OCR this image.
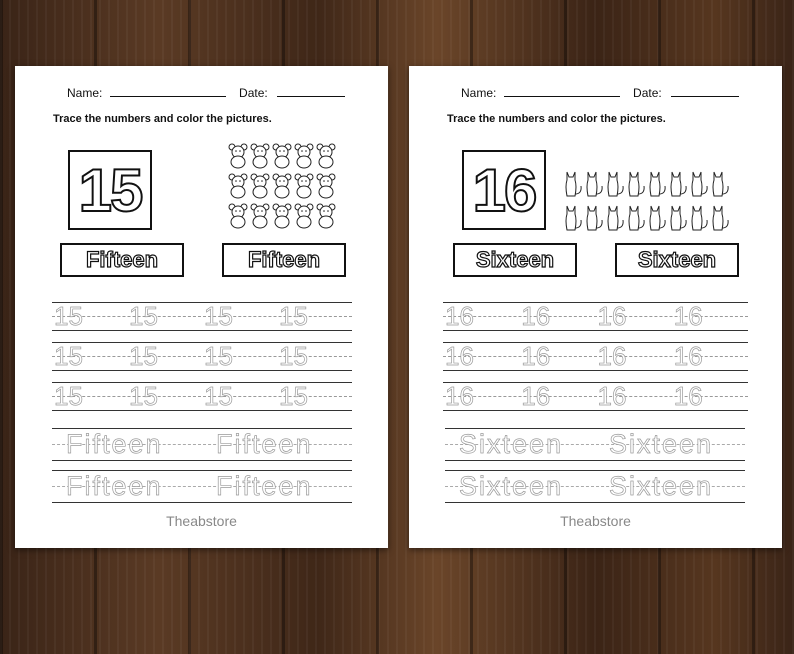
Name:	Date:
Trace the numbers and color the pictures.
15
Fifteen	Fifteen
15	15	15	15
15	15	15	15
15	15	15	15
Fifteen	Fifteen
Fifteen	Fifteen
Theabstore
Name:	Date:
Trace the numbers and color the pictures.
16
Sixteen	Sixteen
16	16	16	16
16	16	16	16
16	16	16	16
Sixteen	Sixteen
Sixteen	Sixteen
Theabstore
